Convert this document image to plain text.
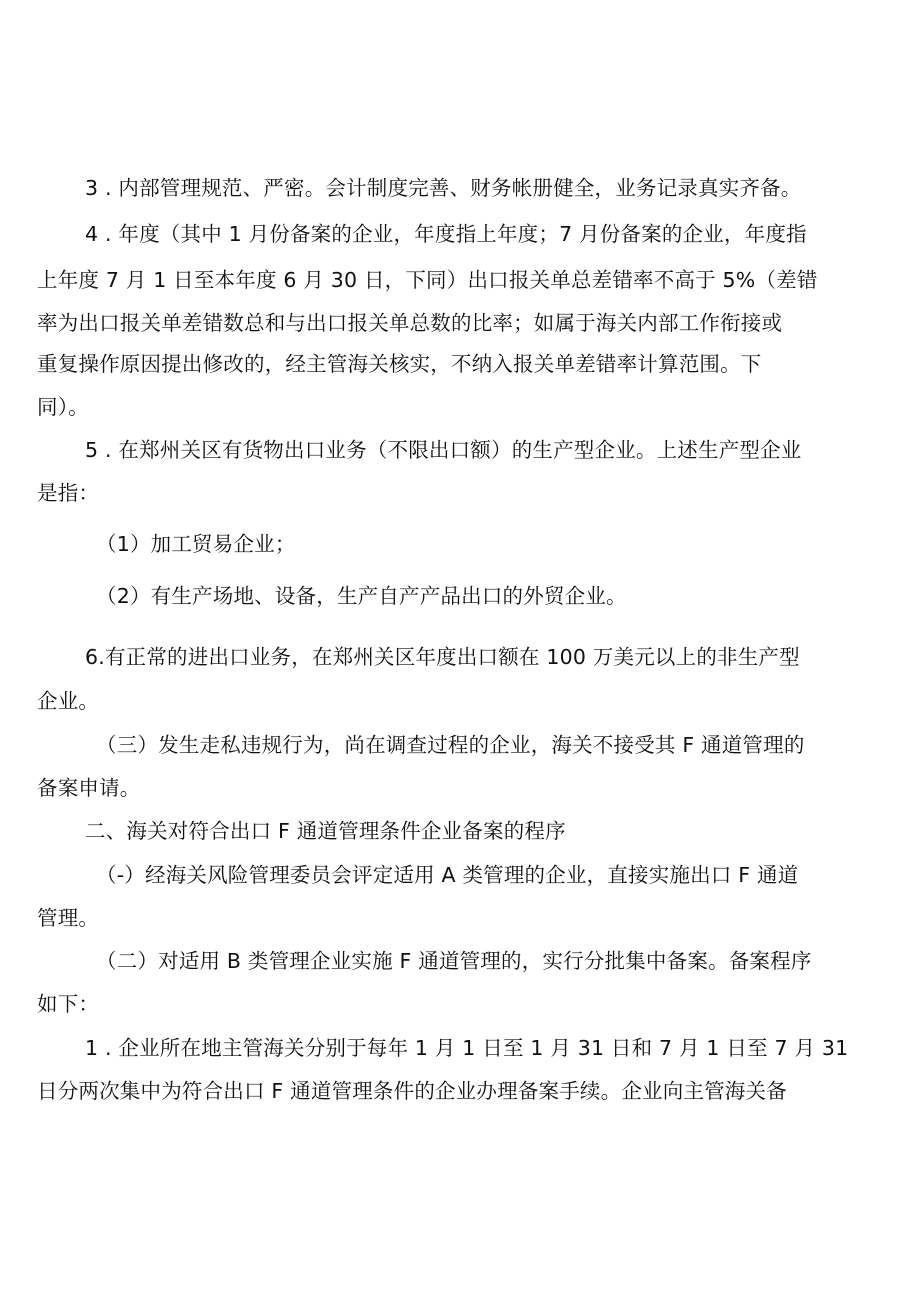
3 . 内部管理规范、严密。会计制度完善、财务帐册健全，业务记录真实齐备。
4 . 年度（其中 1 月份备案的企业，年度指上年度；7 月份备案的企业，年度指
上年度 7 月 1 日至本年度 6 月 30 日，下同）出口报关单总差错率不高于 5%（差错
率为出口报关单差错数总和与出口报关单总数的比率；如属于海关内部工作衔接或
重复操作原因提出修改的，经主管海关核实，不纳入报关单差错率计算范围。下
同）。
5 . 在郑州关区有货物出口业务（不限出口额）的生产型企业。上述生产型企业
是指：
（1）加工贸易企业；
（2）有生产场地、设备，生产自产产品出口的外贸企业。
6.有正常的进出口业务，在郑州关区年度出口额在 100 万美元以上的非生产型
企业。
（三）发生走私违规行为，尚在调查过程的企业，海关不接受其 F 通道管理的
备案申请。
二、海关对符合出口 F 通道管理条件企业备案的程序
（-）经海关风险管理委员会评定适用 A 类管理的企业，直接实施出口 F 通道
管理。
（二）对适用 B 类管理企业实施 F 通道管理的，实行分批集中备案。备案程序
如下：
1 . 企业所在地主管海关分别于每年 1 月 1 日至 1 月 31 日和 7 月 1 日至 7 月 31
日分两次集中为符合出口 F 通道管理条件的企业办理备案手续。企业向主管海关备
